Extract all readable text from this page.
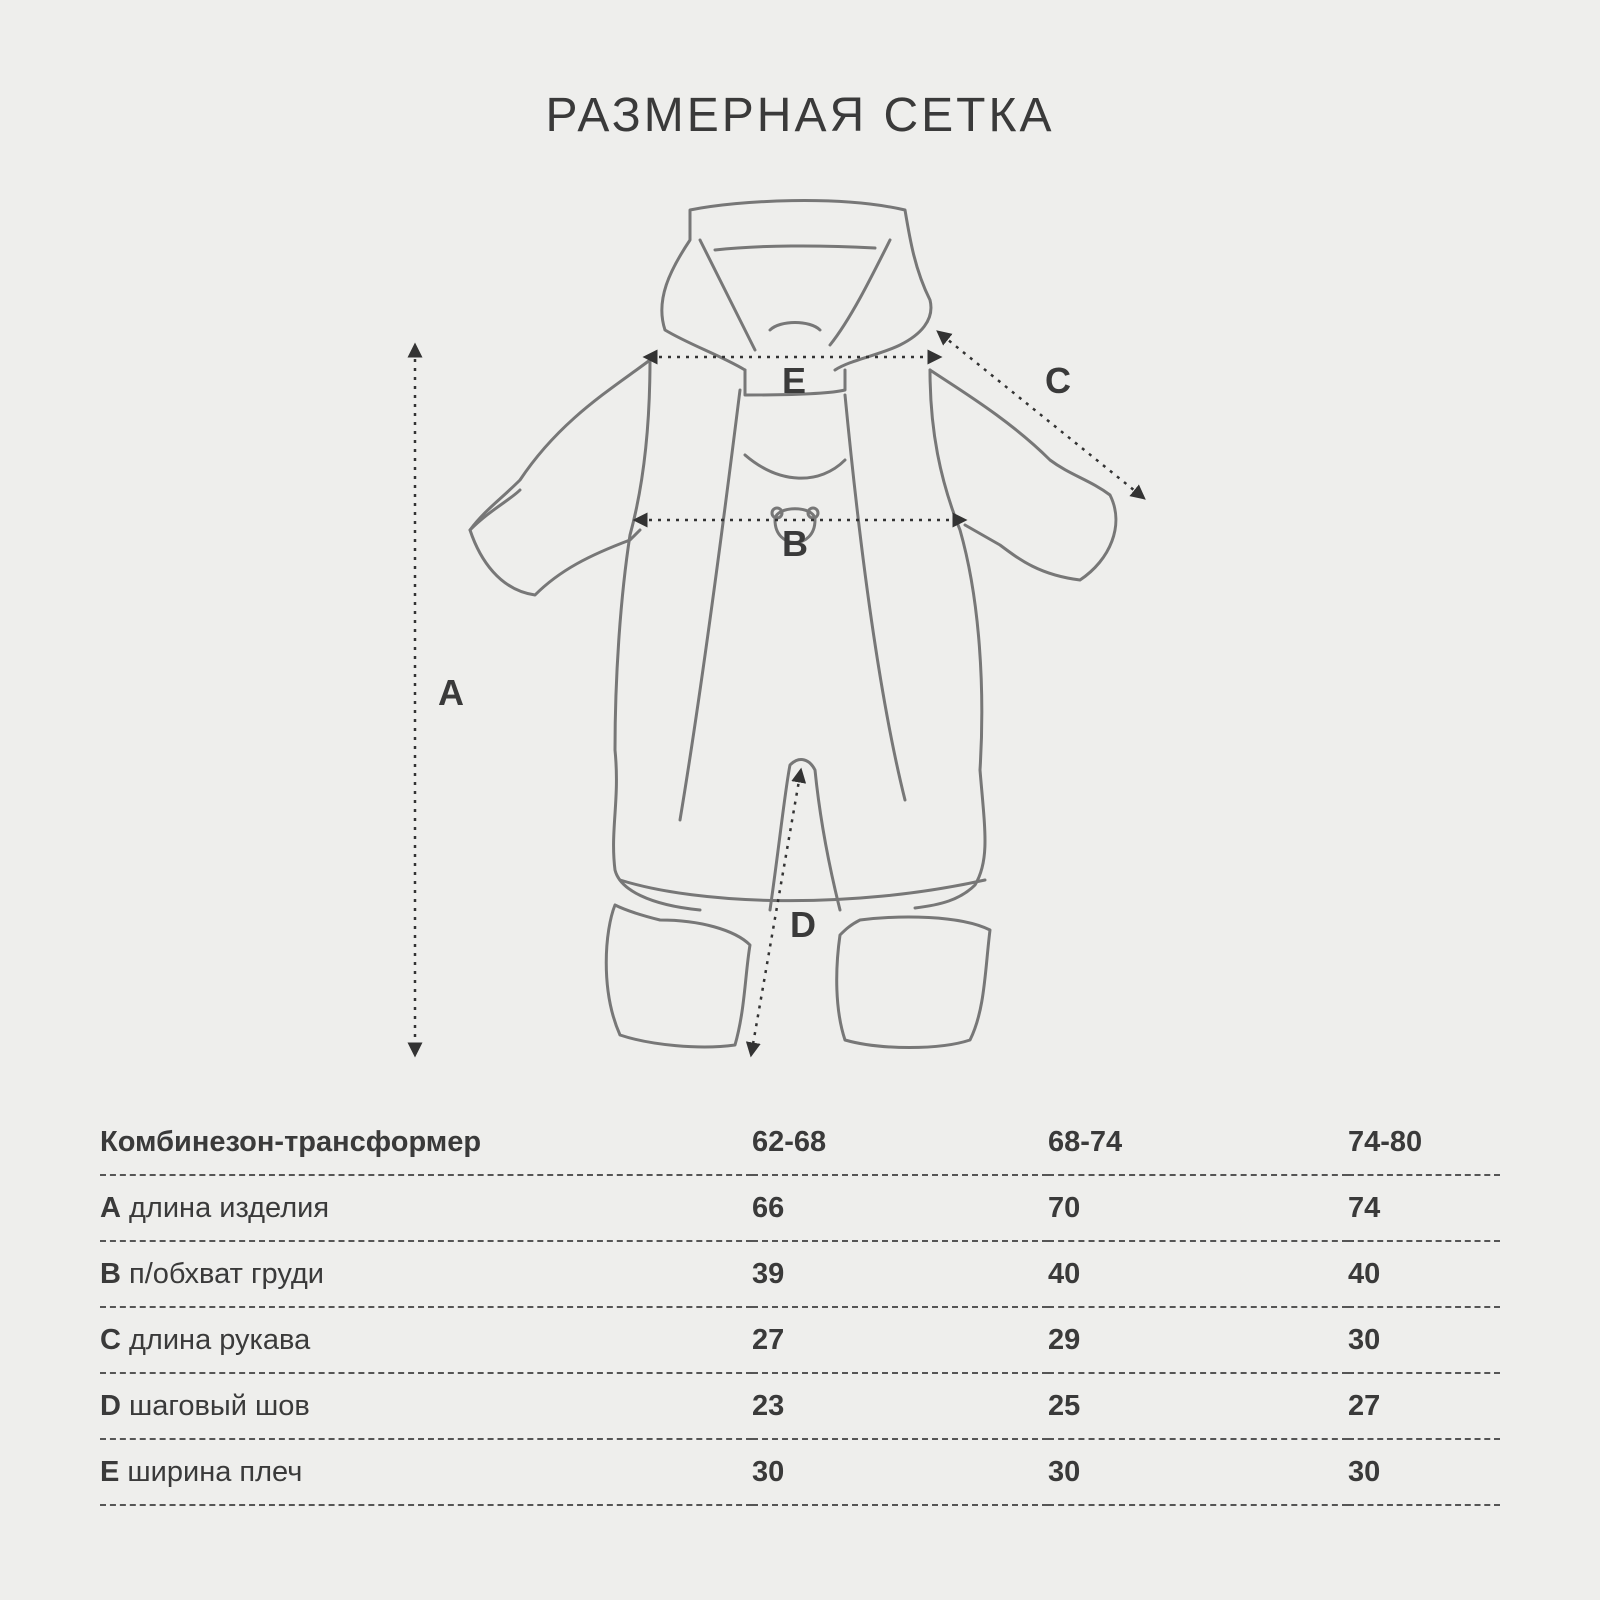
РАЗМЕРНАЯ СЕТКА
A
E	C
B
D
Комбинезон-трансформер	62-68	68-74	74-80
A длина изделия	66	70	74
B п/обхват груди	39	40	40
C длина рукава	27	29	30
D шаговый шов	23	25	27
E ширина плеч	30	30	30
